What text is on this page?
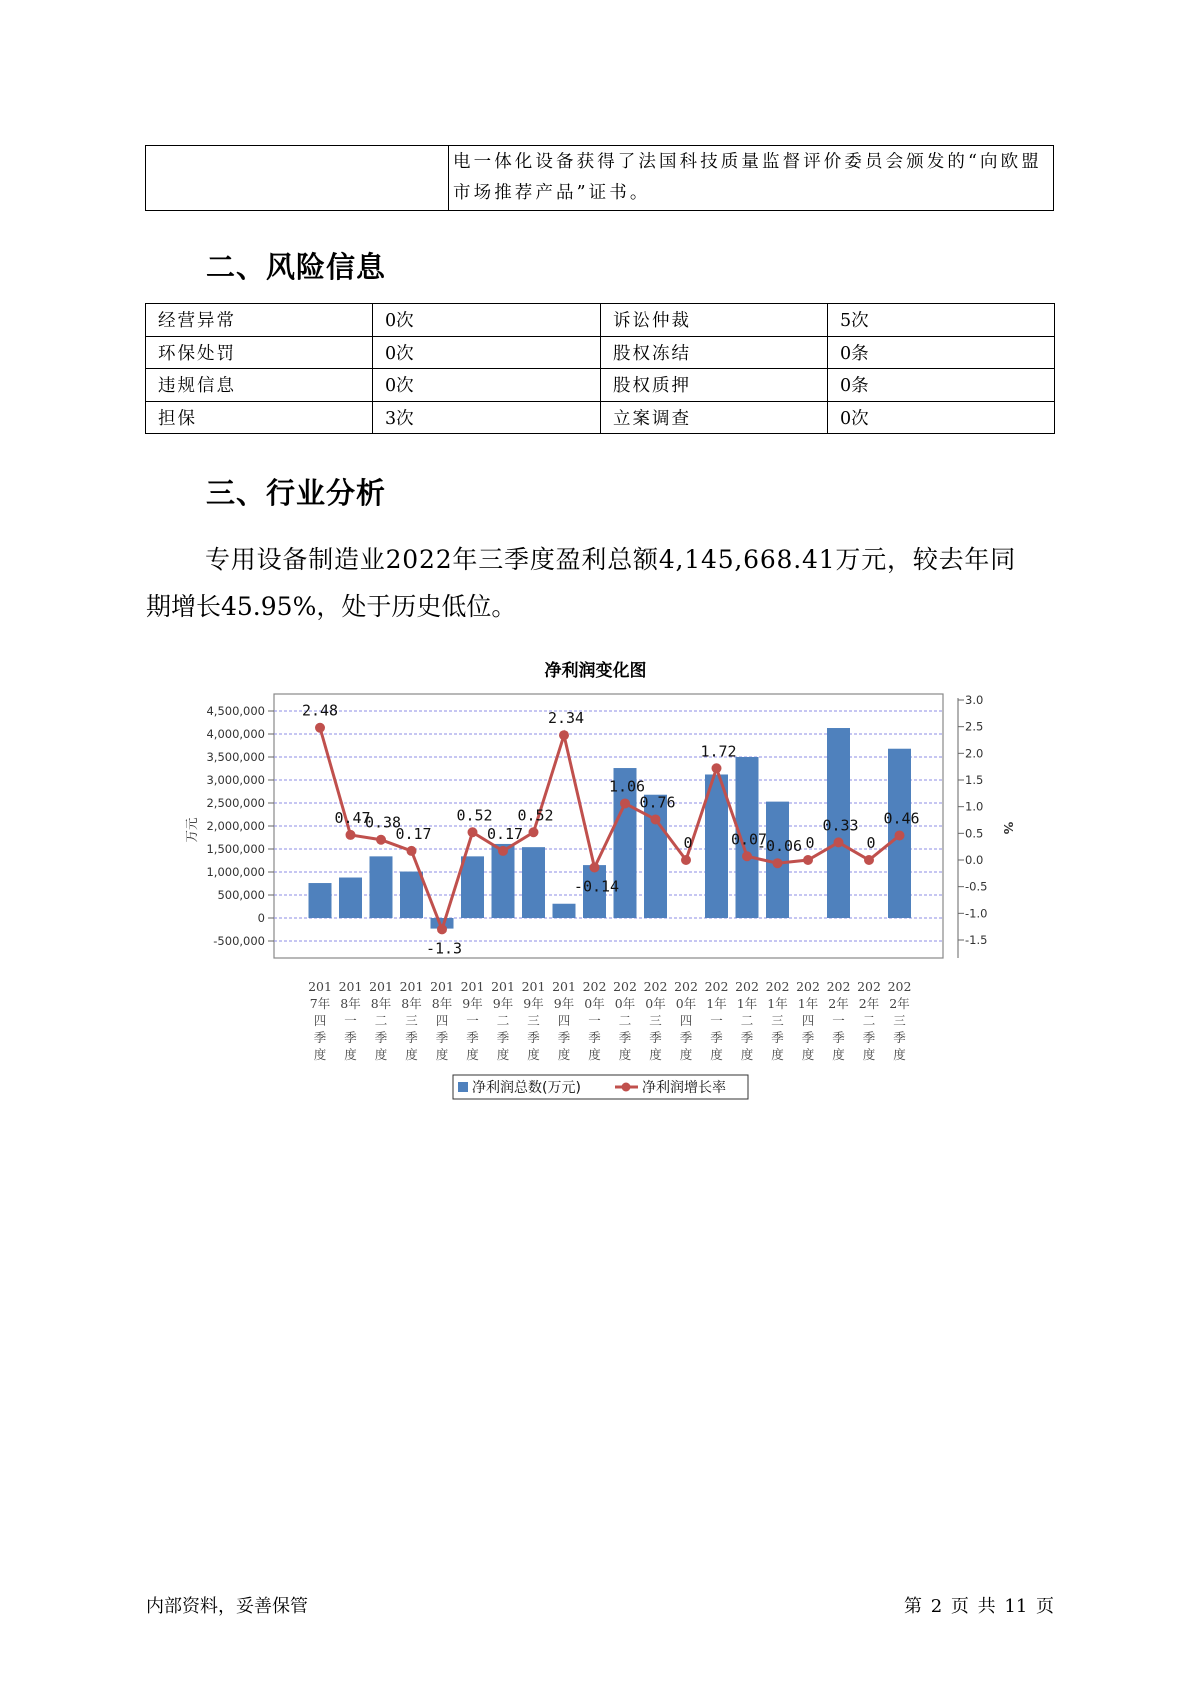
	电一体化设备获得了法国科技质量监督评价委员会颁发的“向欧盟市场推荐产品”证书。
二、风险信息
经营异常	0次	诉讼仲裁	5次
环保处罚	0次	股权冻结	0条
违规信息	0次	股权质押	0条
担保	3次	立案调查	0次
三、行业分析
专用设备制造业2022年三季度盈利总额4,145,668.41万元，较去年同
期增长45.95%，处于历史低位。
净利润变化图
4,500,000
4,000,000
3,500,000
3,000,000
2,500,000
2,000,000
1,500,000
1,000,000
500,000
0
-500,000
3.0
2.5
2.0
1.5
1.0
0.5
0.0
-0.5
-1.0
-1.5
万元	%
2.48
0.47
0.38
0.17
-1.3
0.52
0.17
0.52
2.34
-0.14
1.06
0.76
0
1.72
0.07
-0.06 0
0.33
0
0.46
201
7年
四
季
度
201
8年
一
季
度
201
8年
二
季
度
201
8年
三
季
度
201
8年
四
季
度
201
9年
一
季
度
201
9年
二
季
度
201
9年
三
季
度
201
9年
四
季
度
202
0年
一
季
度
202
0年
二
季
度
202
0年
三
季
度
202
0年
四
季
度
202
1年
一
季
度
202
1年
二
季
度
202
1年
三
季
度
202
1年
四
季
度
202
2年
一
季
度
202
2年
二
季
度
202
2年
三
季
度
净利润总数(万元)	净利润增长率
内部资料，妥善保管	第 2 页 共 11 页
